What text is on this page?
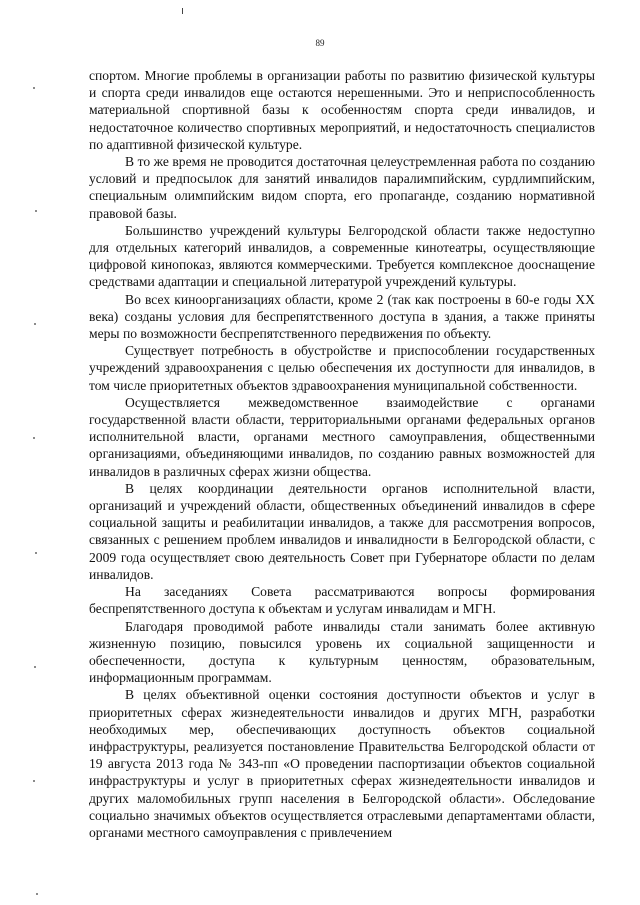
89

спортом. Многие проблемы в организации работы по развитию физической культуры и спорта среди инвалидов еще остаются нерешенными. Это и неприспособленность материальной спортивной базы к особенностям спорта среди инвалидов, и недостаточное количество спортивных мероприятий, и недостаточность специалистов по адаптивной физической культуре.

В то же время не проводится достаточная целеустремленная работа по созданию условий и предпосылок для занятий инвалидов паралимпийским, сурдлимпийским, специальным олимпийским видом спорта, его пропаганде, созданию нормативной правовой базы.

Большинство учреждений культуры Белгородской области также недоступно для отдельных категорий инвалидов, а современные кинотеатры, осуществляющие цифровой кинопоказ, являются коммерческими. Требуется комплексное дооснащение средствами адаптации и специальной литературой учреждений культуры.

Во всех киноорганизациях области, кроме 2 (так как построены в 60-е годы XX века) созданы условия для беспрепятственного доступа в здания, а также приняты меры по возможности беспрепятственного передвижения по объекту.

Существует потребность в обустройстве и приспособлении государственных учреждений здравоохранения с целью обеспечения их доступности для инвалидов, в том числе приоритетных объектов здравоохранения муниципальной собственности.

Осуществляется межведомственное взаимодействие с органами государственной власти области, территориальными органами федеральных органов исполнительной власти, органами местного самоуправления, общественными организациями, объединяющими инвалидов, по созданию равных возможностей для инвалидов в различных сферах жизни общества.

В целях координации деятельности органов исполнительной власти, организаций и учреждений области, общественных объединений инвалидов в сфере социальной защиты и реабилитации инвалидов, а также для рассмотрения вопросов, связанных с решением проблем инвалидов и инвалидности в Белгородской области, с 2009 года осуществляет свою деятельность Совет при Губернаторе области по делам инвалидов.

На заседаниях Совета рассматриваются вопросы формирования беспрепятственного доступа к объектам и услугам инвалидам и МГН.

Благодаря проводимой работе инвалиды стали занимать более активную жизненную позицию, повысился уровень их социальной защищенности и обеспеченности, доступа к культурным ценностям, образовательным, информационным программам.

В целях объективной оценки состояния доступности объектов и услуг в приоритетных сферах жизнедеятельности инвалидов и других МГН, разработки необходимых мер, обеспечивающих доступность объектов социальной инфраструктуры, реализуется постановление Правительства Белгородской области от 19 августа 2013 года № 343-пп «О проведении паспортизации объектов социальной инфраструктуры и услуг в приоритетных сферах жизнедеятельности инвалидов и других маломобильных групп населения в Белгородской области». Обследование социально значимых объектов осуществляется отраслевыми департаментами области, органами местного самоуправления с привлечением
